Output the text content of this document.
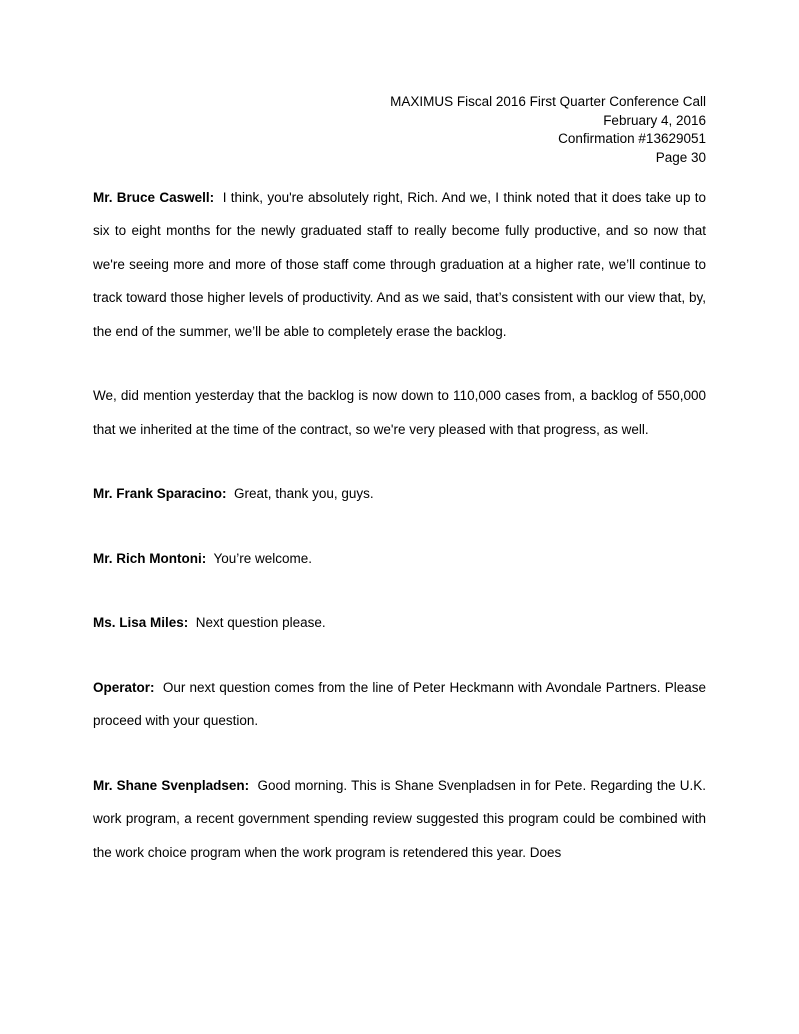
MAXIMUS Fiscal 2016 First Quarter Conference Call
February 4, 2016
Confirmation #13629051
Page 30

Mr. Bruce Caswell:  I think, you're absolutely right, Rich. And we, I think noted that it does take up to six to eight months for the newly graduated staff to really become fully productive, and so now that we're seeing more and more of those staff come through graduation at a higher rate, we’ll continue to track toward those higher levels of productivity. And as we said, that’s consistent with our view that, by, the end of the summer, we’ll be able to completely erase the backlog.

We, did mention yesterday that the backlog is now down to 110,000 cases from, a backlog of 550,000 that we inherited at the time of the contract, so we're very pleased with that progress, as well.

Mr. Frank Sparacino:  Great, thank you, guys.

Mr. Rich Montoni:  You’re welcome.

Ms. Lisa Miles:  Next question please.

Operator:  Our next question comes from the line of Peter Heckmann with Avondale Partners. Please proceed with your question.

Mr. Shane Svenpladsen:  Good morning. This is Shane Svenpladsen in for Pete. Regarding the U.K. work program, a recent government spending review suggested this program could be combined with the work choice program when the work program is retendered this year. Does
